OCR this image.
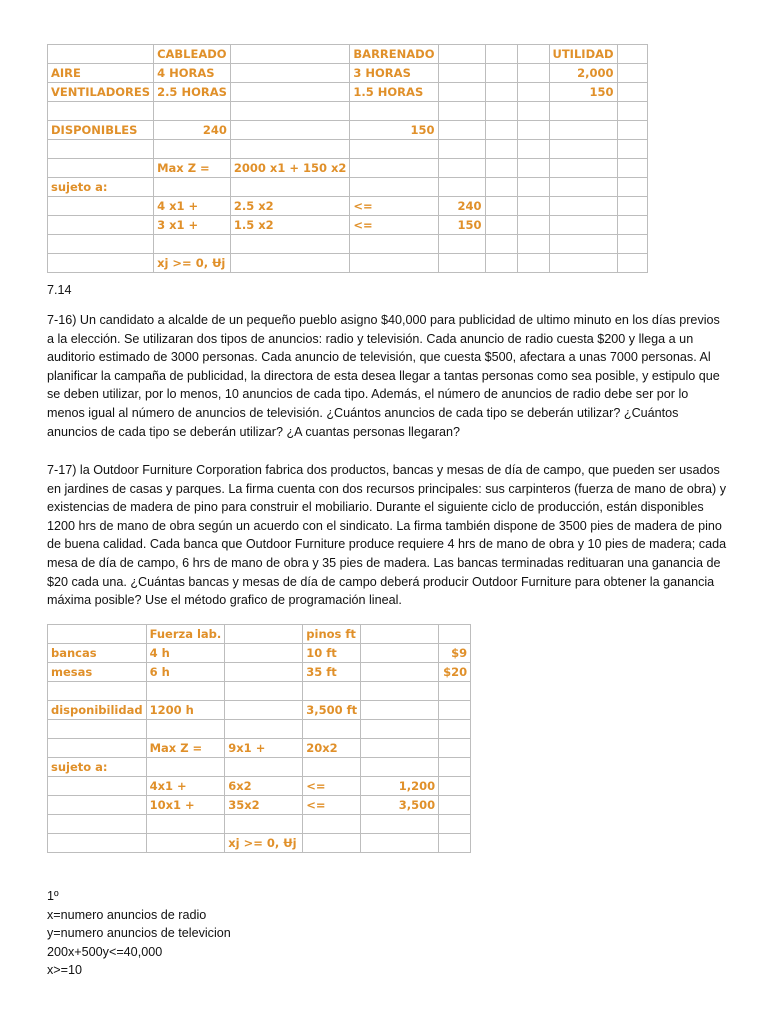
	CABLEADO		BARRENADO				UTILIDAD	
AIRE	4 HORAS		3 HORAS				2,000	
VENTILADORES	2.5 HORAS		1.5 HORAS				150	

DISPONIBLES	240		150					

	Max Z =	2000 x1 + 150 x2						
sujeto a:								
	4 x1 +	2.5 x2	<=	240				
	3 x1 +	1.5 x2	<=	150				

	xj >= 0, Ʉj							
7.14

7-16) Un candidato a alcalde de un pequeño pueblo asigno $40,000 para publicidad de ultimo minuto en los días previos a la elección. Se utilizaran dos tipos de anuncios: radio y televisión. Cada anuncio de radio cuesta $200 y llega a un auditorio estimado de 3000 personas. Cada anuncio de televisión, que cuesta $500, afectara a unas 7000 personas. Al planificar la campaña de publicidad, la directora de esta desea llegar a tantas personas como sea posible, y estipulo que se deben utilizar, por lo menos, 10 anuncios de cada tipo. Además, el número de anuncios de radio debe ser por lo menos igual al número de anuncios de televisión. ¿Cuántos anuncios de cada tipo se deberán utilizar? ¿Cuántos anuncios de cada tipo se deberán utilizar? ¿A cuantas personas llegaran?

7-17) la Outdoor Furniture Corporation fabrica dos productos, bancas y mesas de día de campo, que pueden ser usados en jardines de casas y parques. La firma cuenta con dos recursos principales: sus carpinteros (fuerza de mano de obra) y existencias de madera de pino para construir el mobiliario. Durante el siguiente ciclo de producción, están disponibles 1200 hrs de mano de obra según un acuerdo con el sindicato. La firma también dispone de 3500 pies de madera de pino de buena calidad. Cada banca que Outdoor Furniture produce requiere 4 hrs de mano de obra y 10 pies de madera; cada mesa de día de campo, 6 hrs de mano de obra y 35 pies de madera. Las bancas terminadas redituaran una ganancia de $20 cada una. ¿Cuántas bancas y mesas de día de campo deberá producir Outdoor Furniture para obtener la ganancia máxima posible? Use el método grafico de programación lineal.

	Fuerza lab.		pinos ft		
bancas	4 h		10 ft		$9
mesas	6 h		35 ft		$20

disponibilidad	1200 h		3,500 ft		

	Max Z =	9x1 +	20x2		
sujeto a:					
	4x1 +	6x2	<=	1,200	
	10x1 +	35x2	<=	3,500	

		xj >= 0, Ʉj			

1º

x=numero anuncios de radio

y=numero anuncios de televicion

200x+500y<=40,000

x>=10
